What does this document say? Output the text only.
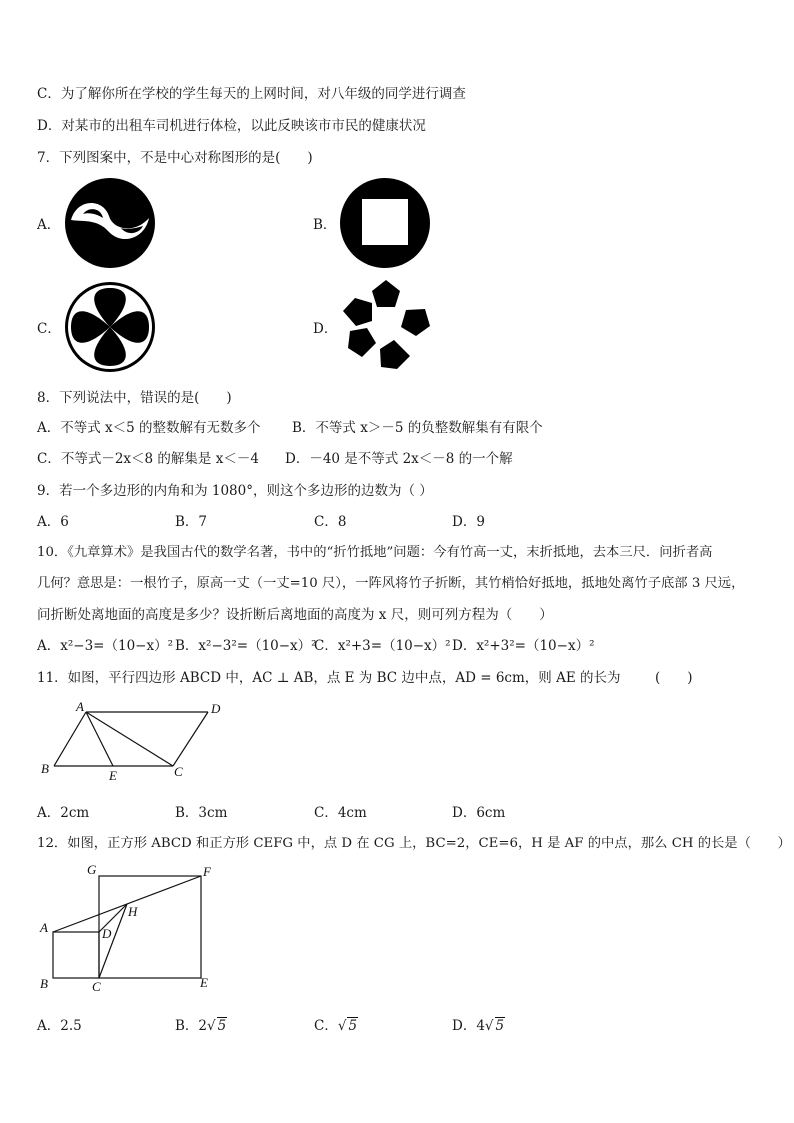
C．为了解你所在学校的学生每天的上网时间，对八年级的同学进行调查
D．对某市的出租车司机进行体检，以此反映该市市民的健康状况
7．下列图案中，不是中心对称图形的是(　　)
A．	B．
C．	D．
8．下列说法中，错误的是(　　)
A．不等式 x＜5 的整数解有无数多个 B．不等式 x＞－5 的负整数解集有有限个
C．不等式－2x＜8 的解集是 x＜－4 D．－40 是不等式 2x＜－8 的一个解
9．若一个多边形的内角和为 1080°，则这个多边形的边数为（ ）
A．6	B．7	C．8	D．9
10．《九章算术》是我国古代的数学名著，书中的“折竹抵地”问题：今有竹高一丈，末折抵地，去本三尺．问折者高
几何？意思是：一根竹子，原高一丈（一丈=10 尺），一阵风将竹子折断，其竹梢恰好抵地，抵地处离竹子底部 3 尺远，
问折断处离地面的高度是多少？设折断后离地面的高度为 x 尺，则可列方程为（　　）
A．x²−3=（10−x）² B．x²−3²=（10−x）²
C．x²+3=（10−x）² D．x²+3²=（10−x）²
11．如图，平行四边形 ABCD 中，AC ⊥ AB，点 E 为 BC 边中点，AD = 6cm，则 AE 的长为	(　　)
A
B	C
D
E
A．2cm	B．3cm	C．4cm	D．6cm
12．如图，正方形 ABCD 和正方形 CEFG 中，点 D 在 CG 上，BC=2，CE=6，H 是 AF 的中点，那么 CH 的长是（　　）
A
B	C
D
E
F
G
H
A．2.5	B．2√ 5	C．√ 5	D．4√ 5
